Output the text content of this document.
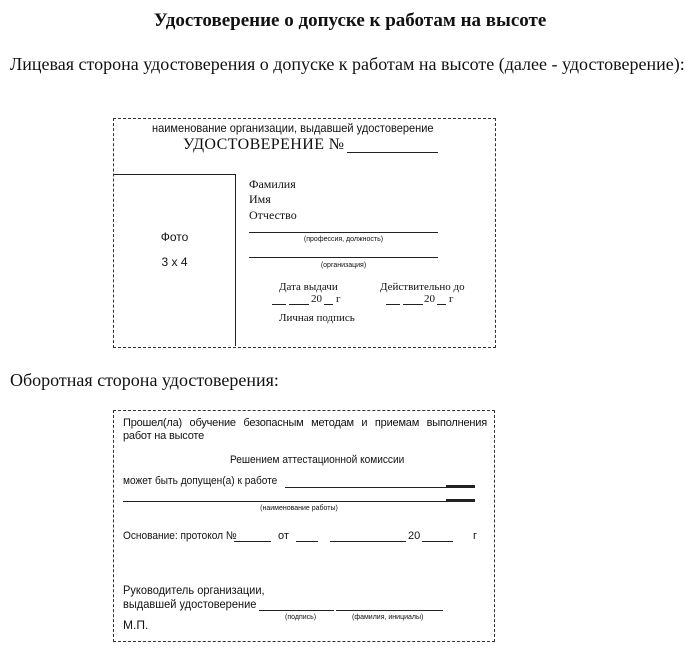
Удостоверение о допуске к работам на высоте
Лицевая сторона удостоверения о допуске к работам на высоте (далее - удостоверение):
наименование организации, выдавшей удостоверение
УДОСТОВЕРЕНИЕ №
Фото
3 х 4
Фамилия
Имя
Отчество
(профессия, должность)
(организация)
Дата выдачи	Действительно до
20 г	20 г
Личная подпись
Оборотная сторона удостоверения:
Прошел(ла) обучение безопасным методам и приемам выполнения работ на высоте
Решением аттестационной комиссии
может быть допущен(а) к работе
(наименование работы)
Основание: протокол №	от	20	г
Руководитель организации,
выдавшей удостоверение
(подпись)	(фамилия, инициалы)
М.П.
